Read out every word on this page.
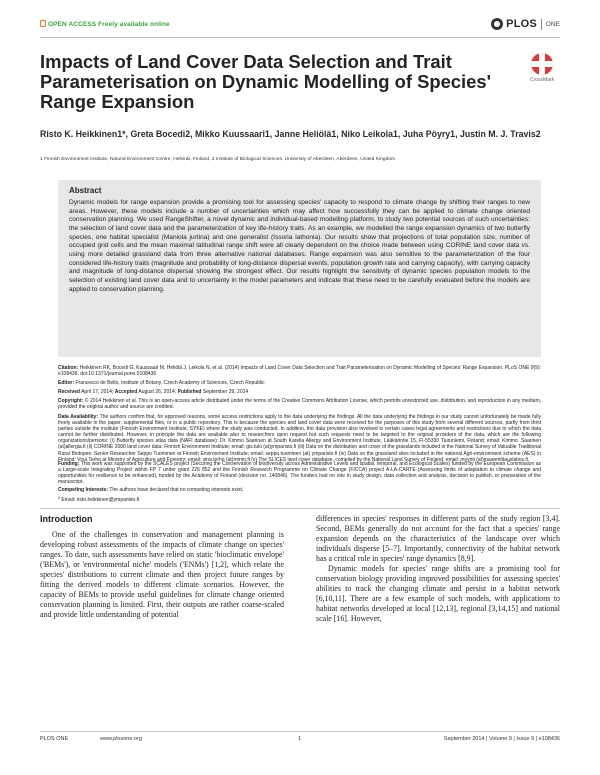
OPEN ACCESS Freely available online	PLOS ONE
Impacts of Land Cover Data Selection and Trait Parameterisation on Dynamic Modelling of Species' Range Expansion
CrossMark
Risto K. Heikkinen1*, Greta Bocedi2, Mikko Kuussaari1, Janne Heliölä1, Niko Leikola1, Juha Pöyry1, Justin M. J. Travis2
1 Finnish Environment Institute, Natural Environment Centre, Helsinki, Finland, 2 Institute of Biological Sciences, University of Aberdeen, Aberdeen, United Kingdom
Abstract

Dynamic models for range expansion provide a promising tool for assessing species' capacity to respond to climate change by shifting their ranges to new areas. However, these models include a number of uncertainties which may affect how successfully they can be applied to climate change oriented conservation planning. We used RangeShifter, a novel dynamic and individual-based modelling platform, to study two potential sources of such uncertainties: the selection of land cover data and the parameterization of key life-history traits. As an example, we modelled the range expansion dynamics of two butterfly species, one habitat specialist (Maniola jurtina) and one generalist (Issoria lathonia). Our results show that projections of total population size, number of occupied grid cells and the mean maximal latitudinal range shift were all clearly dependent on the choice made between using CORINE land cover data vs. using more detailed grassland data from three alternative national databases. Range expansion was also sensitive to the parameterization of the four considered life-history traits (magnitude and probability of long-distance dispersal events, population growth rate and carrying capacity), with carrying capacity and magnitude of long-distance dispersal showing the strongest effect. Our results highlight the sensitivity of dynamic species population models to the selection of existing land cover data and to uncertainty in the model parameters and indicate that these need to be carefully evaluated before the models are applied to conservation planning.

Citation: Heikkinen RK, Bocedi G, Kuussaari M, Heliölä J, Leikola N, et al. (2014) Impacts of Land Cover Data Selection and Trait Parameterisation on Dynamic Modelling of Species' Range Expansion. PLoS ONE 9(9): e108436. doi:10.1371/journal.pone.0108436

Editor: Francesco de Bello, Institute of Botany, Czech Academy of Sciences, Czech Republic

Received April 17, 2014; Accepted August 26, 2014; Published September 29, 2014

Copyright: © 2014 Heikkinen et al. This is an open-access article distributed under the terms of the Creative Commons Attribution License, which permits unrestricted use, distribution, and reproduction in any medium, provided the original author and source are credited.

Data Availability: The authors confirm that, for approved reasons, some access restrictions apply to the data underlying the findings. All the data underlying the findings in our study cannot unfortunately be made fully freely available in the paper, supplemental files, or in a public repository. This is because the species and land cover data were received for the purposes of this study from several different sources, partly from third parties outside the institute (Finnish Environment Institute, SYKE) where the study was conducted. In addition, the data provision also involved in certain cases legal agreements and restrictions due to which the data cannot be further distributed. However, in principle the data are available also to researchers upon request but such requests need to be targeted to the original providers of the data, which are the following organizations/persons: (i) Butterfly species atlas data (NAFI database): Dr. Kimmo Saarinen at South Karelia Allergy and Environment Institute, Lääkärintie 15, FI-55330 Tiuruniemi, Finland; email: Kimmo. Saarinen (at)allergia.fi (ii) CORINE 2000 land cover data: Finnish Environment Institute; email: gis.tuki (at)ymparisto.fi (iii) Data on the distribution and cover of the grasslands included in the National Survey of Valuable Traditional Rural Biotopes: Senior Researcher Seppo Tuominen at Finnish Environment Institute; email: seppo.tuominen (at) ymparisto.fi (iv) Data on the grassland sites included in the national Agri-environment scheme (AES) in Finland: Vina Terho at Ministry of Agriculture and Forestry; email: vina.terho (at)mmm.fi (v) The SLICES land cover database, compiled by the National Land Survey of Finland; email: myynti (at)maanmittauslaitos.fi.

Funding: This work was supported by the SCALES project (Securing the Conservation of biodiversity across Administrative Levels and spatial, temporal, and Ecological Scales) funded by the European Commission as a Large-scale Integrating Project within FP 7 under grant 226 852 and the Finnish Research Programme on Climate Change (FICCA) project A-LA-CARTE (Assessing limits of adaptation to climate change and opportunities for resilience to be enhanced), funded by the Academy of Finland (decision no. 140846). The funders had no role in study design, data collection and analysis, decision to publish, or preparation of the manuscript.

Competing Interests: The authors have declared that no competing interests exist.

* Email: risto.heikkinen@ymparisto.fi

Introduction

One of the challenges in conservation and management planning is developing robust assessments of the impacts of climate change on species' ranges. To date, such assessments have relied on static 'bioclimatic envelope' ('BEMs'), or 'environmental niche' models ('ENMs') [1,2], which relate the species' distributions to current climate and then project future ranges by fitting the derived models to different climate scenarios. However, the capacity of BEMs to provide useful guidelines for climate change oriented conservation planning is limited. First, their outputs are rather coarse-scaled and provide little understanding of potential

differences in species' responses in different parts of the study region [3,4]. Second, BEMs generally do not account for the fact that a species' range expansion depends on the characteristics of the landscape over which individuals disperse [5–7]. Importantly, connectivity of the habitat network has a critical role in species' range dynamics [8,9].

Dynamic models for species' range shifts are a promising tool for conservation biology providing improved possibilities for assessing species' abilities to track the changing climate and persist in a habitat network [6,10,11]. There are a few example of such models, with applications to habitat networks developed at local [12,13], regional [3,14,15] and national scale [16]. However,

PLOS ONE	www.plosone.org	1	September 2014 | Volume 9 | Issue 9 | e108436
